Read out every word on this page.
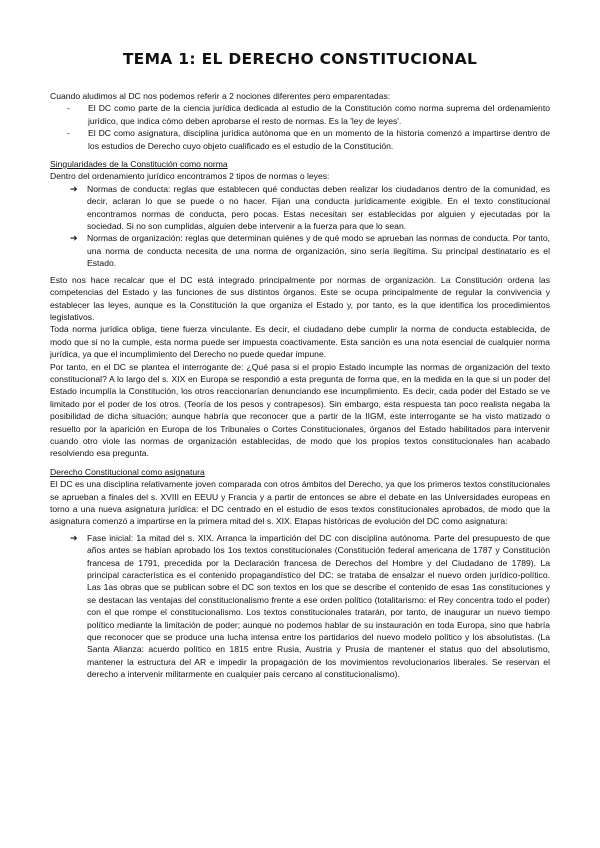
TEMA 1: EL DERECHO CONSTITUCIONAL

Cuando aludimos al DC nos podemos referir a 2 nociones diferentes pero emparentadas:

- El DC como parte de la ciencia jurídica dedicada al estudio de la Constitución como norma suprema del ordenamiento jurídico, que indica cómo deben aprobarse el resto de normas. Es la 'ley de leyes'.
- El DC como asignatura, disciplina jurídica autónoma que en un momento de la historia comenzó a impartirse dentro de los estudios de Derecho cuyo objeto cualificado es el estudio de la Constitución.

Singularidades de la Constitución como norma

Dentro del ordenamiento jurídico encontramos 2 tipos de normas o leyes:

➔ Normas de conducta: reglas que establecen qué conductas deben realizar los ciudadanos dentro de la comunidad, es decir, aclaran lo que se puede o no hacer. Fijan una conducta jurídicamente exigible. En el texto constitucional encontramos normas de conducta, pero pocas. Estas necesitan ser establecidas por alguien y ejecutadas por la sociedad. Si no son cumplidas, alguien debe intervenir a la fuerza para que lo sean.
➔ Normas de organización: reglas que determinan quiénes y de qué modo se aprueban las normas de conducta. Por tanto, una norma de conducta necesita de una norma de organización, sino sería ilegítima. Su principal destinatario es el Estado.

Esto nos hace recalcar que el DC está integrado principalmente por normas de organización. La Constitución ordena las competencias del Estado y las funciones de sus distintos órganos. Este se ocupa principalmente de regular la convivencia y establecer las leyes, aunque es la Constitución la que organiza el Estado y, por tanto, es la que identifica los procedimientos legislativos.

Toda norma jurídica obliga, tiene fuerza vinculante. Es decir, el ciudadano debe cumplir la norma de conducta establecida, de modo que si no la cumple, esta norma puede ser impuesta coactivamente. Esta sanción es una nota esencial de cualquier norma jurídica, ya que el incumplimiento del Derecho no puede quedar impune.

Por tanto, en el DC se plantea el interrogante de: ¿Qué pasa si el propio Estado incumple las normas de organización del texto constitucional? A lo largo del s. XIX en Europa se respondió a esta pregunta de forma que, en la medida en la que si un poder del Estado incumplía la Constitución, los otros reaccionarían denunciando ese incumplimiento. Es decir, cada poder del Estado se ve limitado por el poder de los otros. (Teoría de los pesos y contrapesos). Sin embargo, esta respuesta tan poco realista negaba la posibilidad de dicha situación; aunque habría que reconocer que a partir de la IIGM, este interrogante se ha visto matizado o resuelto por la aparición en Europa de los Tribunales o Cortes Constitucionales, órganos del Estado habilitados para intervenir cuando otro viole las normas de organización establecidas, de modo que los propios textos constitucionales han acabado resolviendo esa pregunta.

Derecho Constitucional como asignatura

El DC es una disciplina relativamente joven comparada con otros ámbitos del Derecho, ya que los primeros textos constitucionales se aprueban a finales del s. XVIII en EEUU y Francia y a partir de entonces se abre el debate en las Universidades europeas en torno a una nueva asignatura jurídica: el DC centrado en el estudio de esos textos constitucionales aprobados, de modo que la asignatura comenzó a impartirse en la primera mitad del s. XIX. Etapas históricas de evolución del DC como asignatura:

➔ Fase inicial: 1a mitad del s. XIX. Arranca la impartición del DC con disciplina autónoma. Parte del presupuesto de que años antes se habían aprobado los 1os textos constitucionales (Constitución federal americana de 1787 y Constitución francesa de 1791, precedida por la Declaración francesa de Derechos del Hombre y del Ciudadano de 1789). La principal característica es el contenido propagandístico del DC: se trataba de ensalzar el nuevo orden jurídico-político. Las 1as obras que se publican sobre el DC son textos en los que se describe el contenido de esas 1as constituciones y se destacan las ventajas del constitucionalismo frente a ese orden político (totalitarismo: el Rey concentra todo el poder) con el que rompe el constitucionalismo. Los textos constitucionales tratarán, por tanto, de inaugurar un nuevo tiempo político mediante la limitación de poder; aunque no podemos hablar de su instauración en toda Europa, sino que habría que reconocer que se produce una lucha intensa entre los partidarios del nuevo modelo político y los absolutistas. (La Santa Alianza: acuerdo político en 1815 entre Rusia, Austria y Prusia de mantener el status quo del absolutismo, mantener la estructura del AR e impedir la propagación de los movimientos revolucionarios liberales. Se reservan el derecho a intervenir militarmente en cualquier país cercano al constitucionalismo).
